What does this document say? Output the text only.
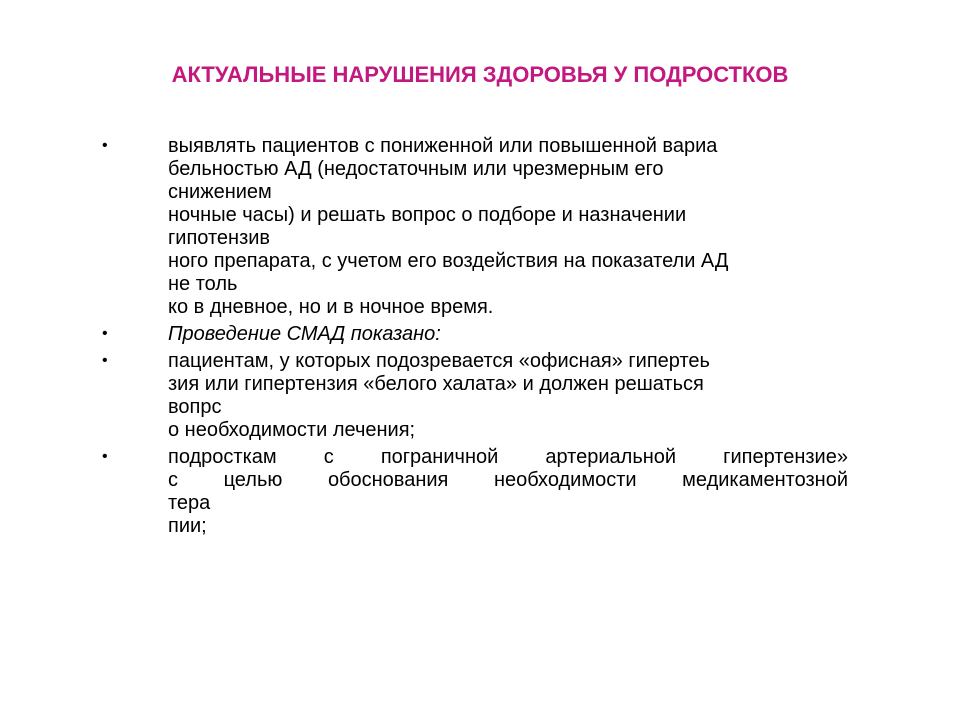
АКТУАЛЬНЫЕ НАРУШЕНИЯ ЗДОРОВЬЯ У ПОДРОСТКОВ
•	выявлять пациентов с пониженной или повышенной вариа
бельностью АД (недостаточным или чрезмерным его
снижением
ночные часы) и решать вопрос о подборе и назначении
гипотензив
ного препарата, с учетом его воздействия на показатели АД
не толь
ко в дневное, но и в ночное время.
•	Проведение СМАД показано:
•	пациентам, у которых подозревается «офисная» гипертеь
зия или гипертензия «белого халата» и должен решаться
вопрс
о необходимости лечения;
•	подросткам с пограничной артериальной гипертензие»
с целью обоснования необходимости медикаментозной
тера
пии;
